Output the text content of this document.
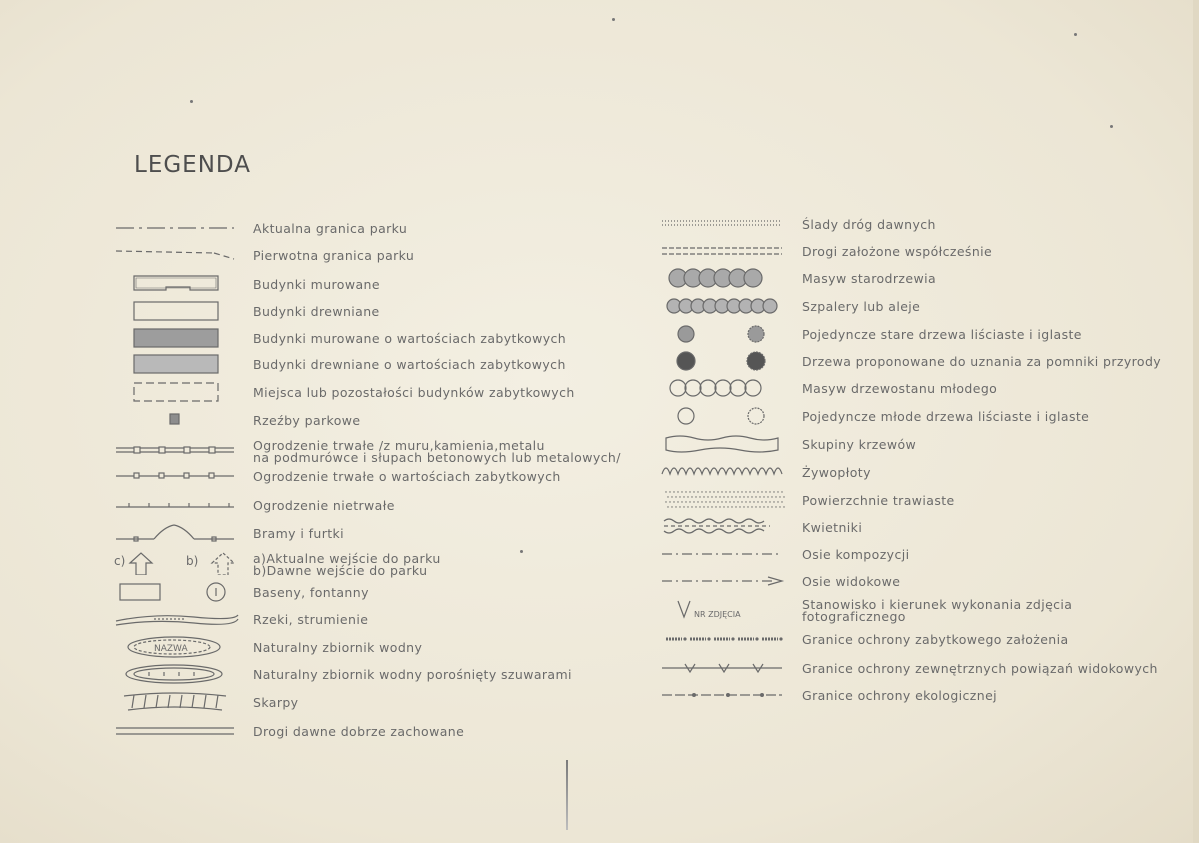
LEGENDA
Aktualna granica parku
Pierwotna granica parku
Budynki murowane
Budynki drewniane
Budynki murowane o wartościach zabytkowych
Budynki drewniane o wartościach zabytkowych
Miejsca lub pozostałości budynków zabytkowych
Rzeźby parkowe
Ogrodzenie trwałe /z muru,kamienia,metalu
na podmurówce i słupach betonowych lub metalowych/
Ogrodzenie trwałe o wartościach zabytkowych
Ogrodzenie nietrwałe
Bramy i furtki
c)	b)	a)Aktualne wejście do parku
b)Dawne wejście do parku
Baseny, fontanny
Rzeki, strumienie
NAZWA	Naturalny zbiornik wodny
Naturalny zbiornik wodny porośnięty szuwarami
Skarpy
Drogi dawne dobrze zachowane
Ślady dróg dawnych
Drogi założone współcześnie
Masyw starodrzewia
Szpalery lub aleje
Pojedyncze stare drzewa liściaste i iglaste
Drzewa proponowane do uznania za pomniki przyrody
Masyw drzewostanu młodego
Pojedyncze młode drzewa liściaste i iglaste
Skupiny krzewów
Żywopłoty
Powierzchnie trawiaste
Kwietniki
Osie kompozycji
Osie widokowe
NR ZDJĘCIA
Stanowisko i kierunek wykonania zdjęcia
fotograficznego
Granice ochrony zabytkowego założenia
Granice ochrony zewnętrznych powiązań widokowych
Granice ochrony ekologicznej
